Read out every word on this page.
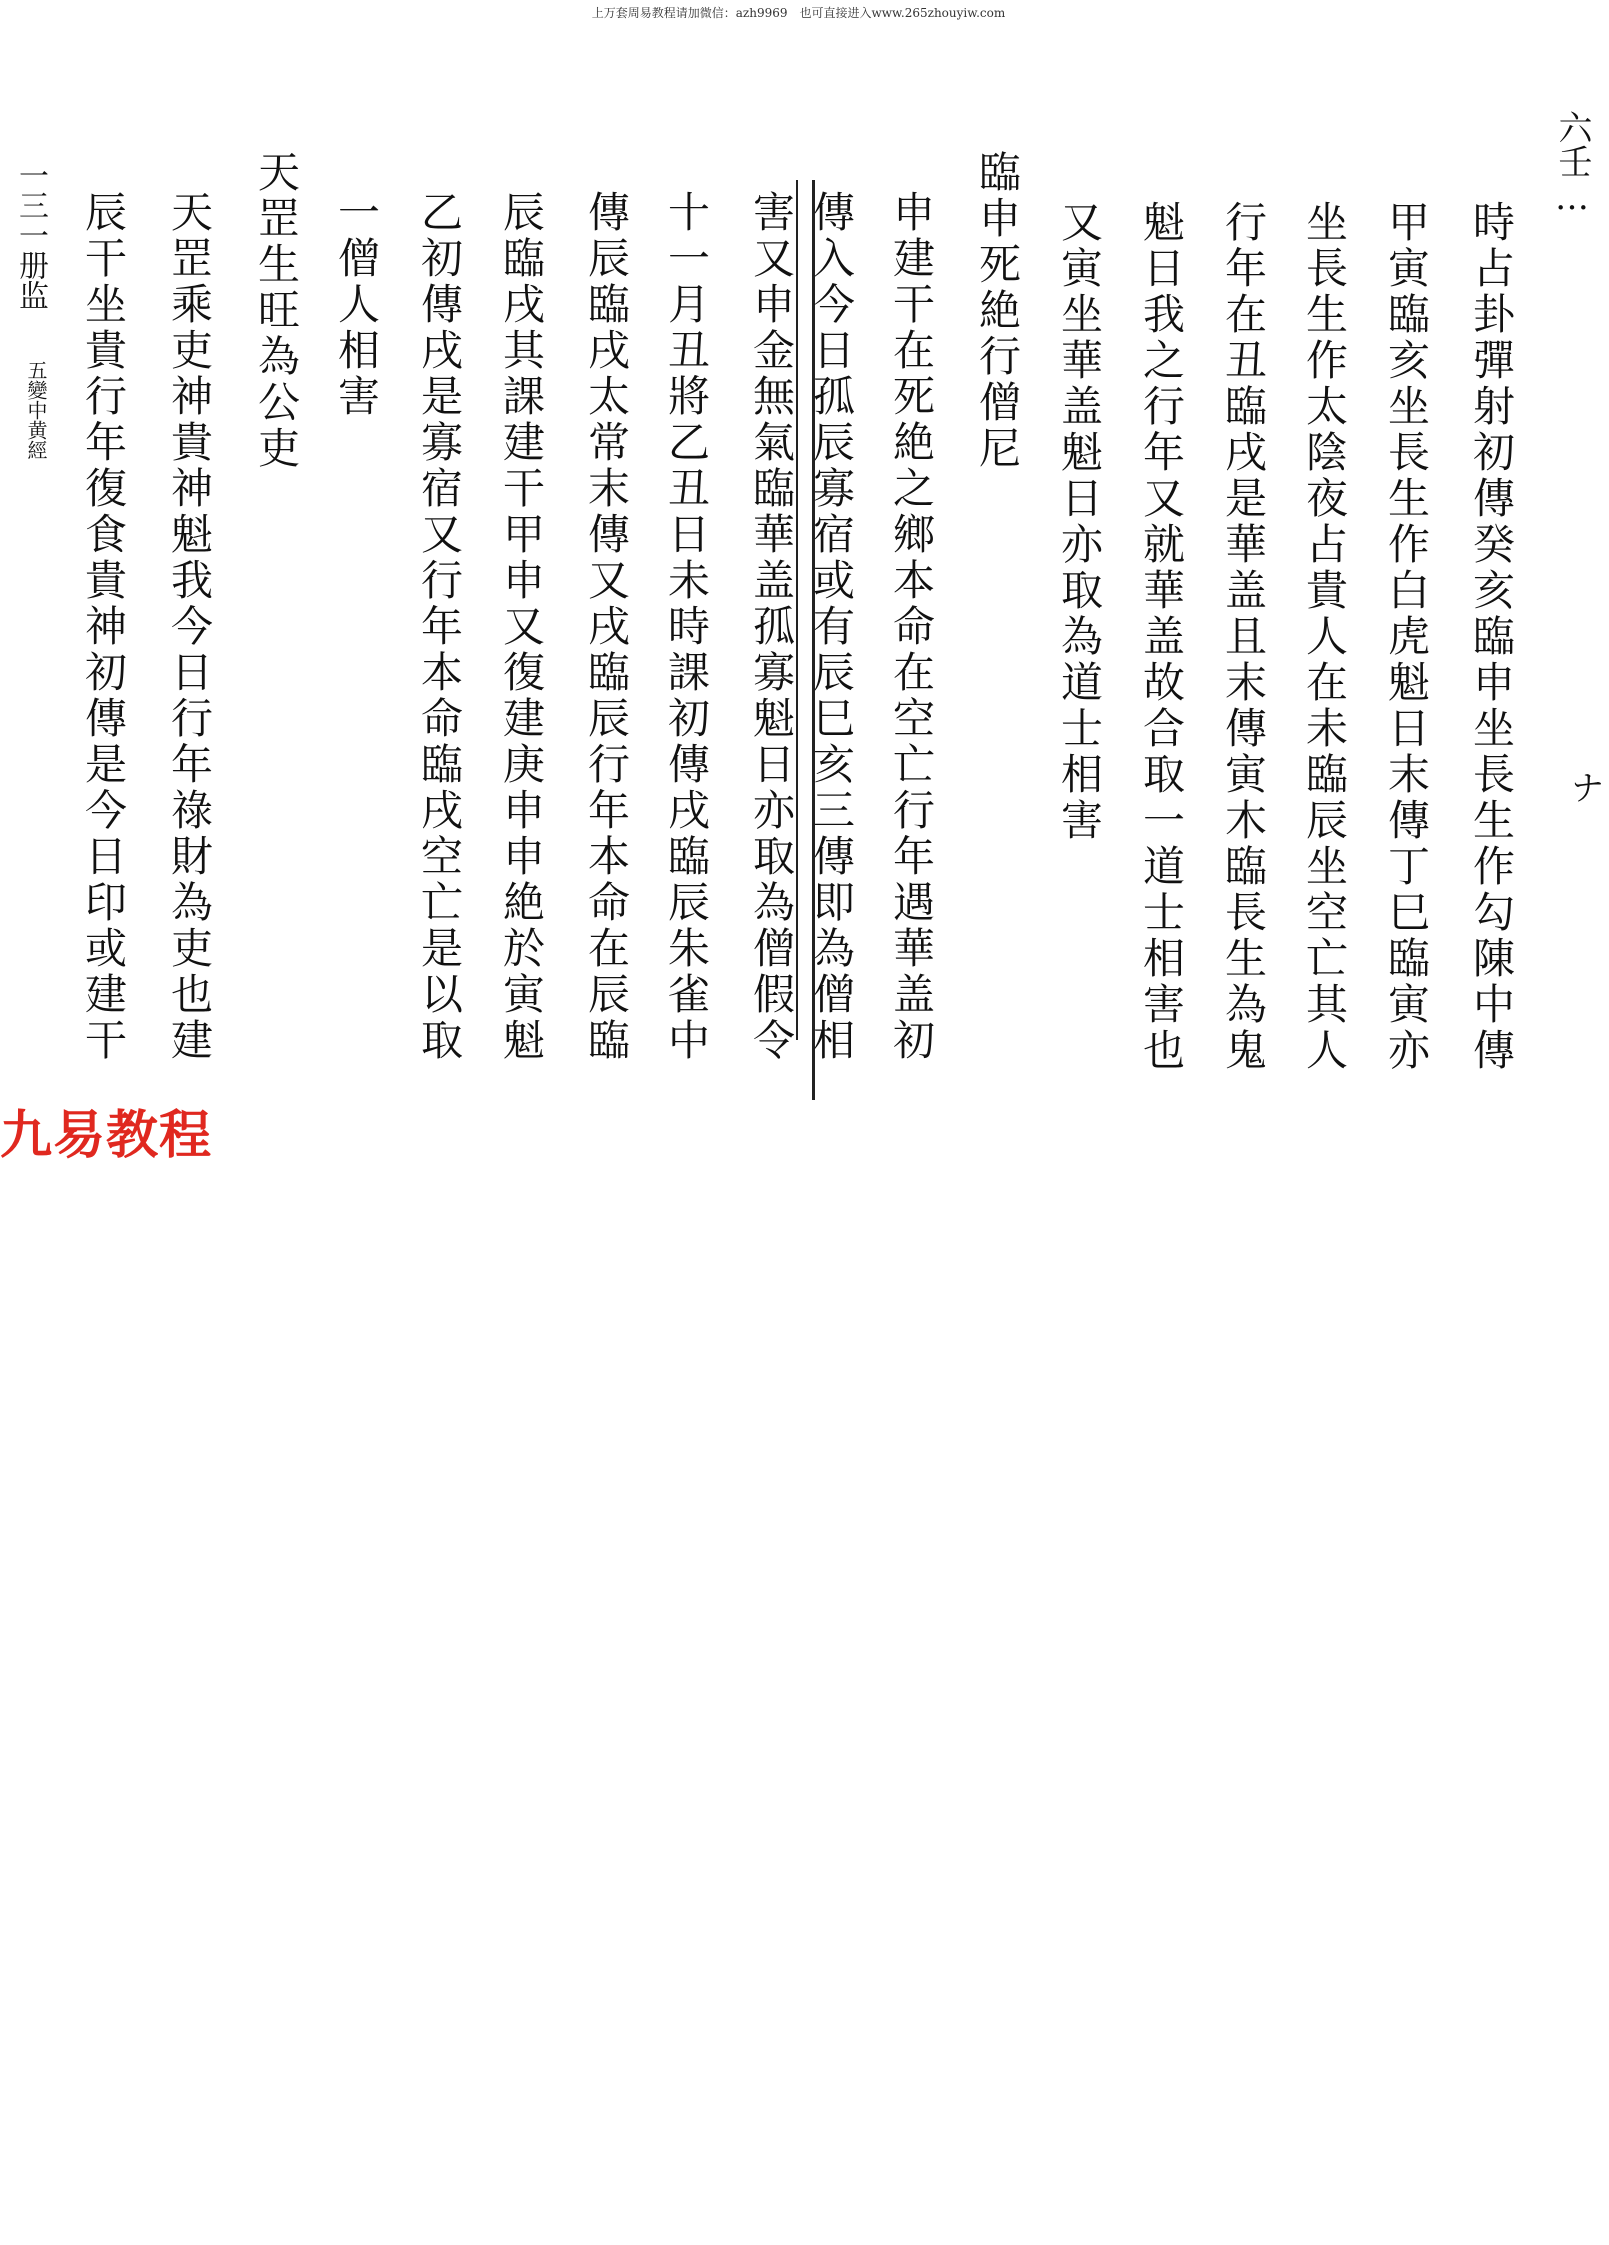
上万套周易教程请加微信：azh9969　也可直接进入www.265zhouyiw.com
六壬…
ナ
一三一册监
五變中黄經	時占卦彈射初傳癸亥臨申坐長生作勾陳中傳
甲寅臨亥坐長生作白虎魁日末傳丁巳臨寅亦
坐長生作太陰夜占貴人在未臨辰坐空亡其人
行年在丑臨戌是華盖且末傳寅木臨長生為鬼
魁日我之行年又就華盖故合取一道士相害也
又寅坐華盖魁日亦取為道士相害
臨申死絶行僧尼
申建干在死絶之鄉本命在空亡行年遇華盖初
傳入今日孤辰寡宿或有辰巳亥三傳即為僧相
害又申金無氣臨華盖孤寡魁日亦取為僧假令
十一月丑將乙丑日未時課初傳戌臨辰朱雀中
傳辰臨戌太常末傳又戌臨辰行年本命在辰臨
辰臨戌其課建干甲申又復建庚申申絶於寅魁
乙初傳戌是寡宿又行年本命臨戌空亡是以取
一僧人相害
天罡生旺為公吏
天罡乘吏神貴神魁我今日行年祿財為吏也建
辰干坐貴行年復食貴神初傳是今日印或建干
九易教程
